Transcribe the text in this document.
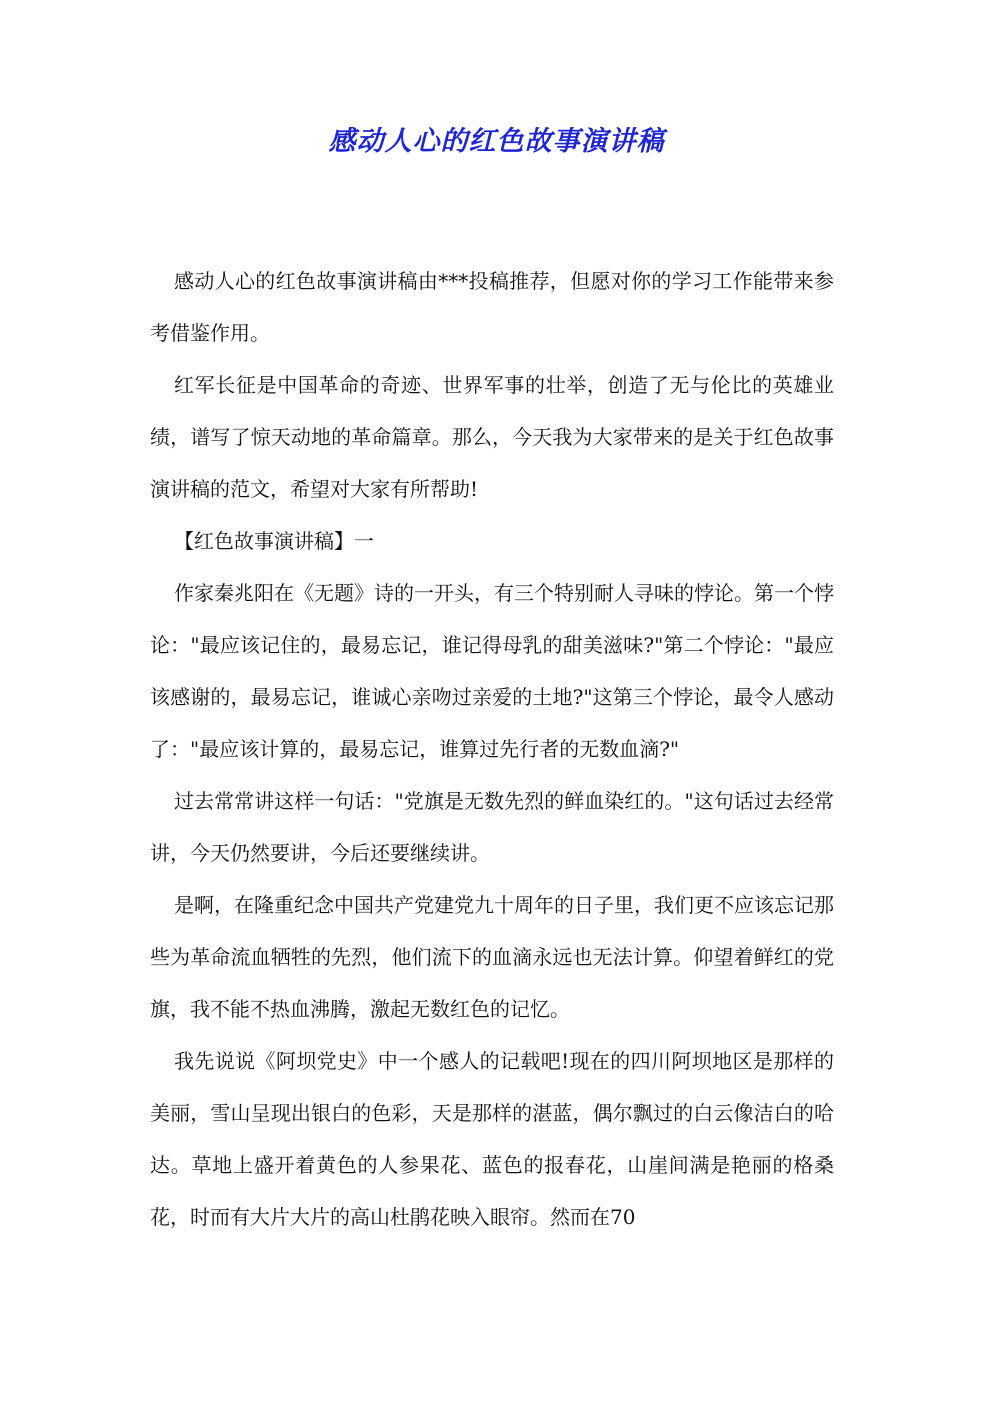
感动人心的红色故事演讲稿

感动人心的红色故事演讲稿由***投稿推荐，但愿对你的学习工作能带来参考借鉴作用。

红军长征是中国革命的奇迹、世界军事的壮举，创造了无与伦比的英雄业绩，谱写了惊天动地的革命篇章。那么，今天我为大家带来的是关于红色故事演讲稿的范文，希望对大家有所帮助!

【红色故事演讲稿】一

作家秦兆阳在《无题》诗的一开头，有三个特别耐人寻味的悖论。第一个悖论："最应该记住的，最易忘记，谁记得母乳的甜美滋味?"第二个悖论："最应该感谢的，最易忘记，谁诚心亲吻过亲爱的土地?"这第三个悖论，最令人感动了："最应该计算的，最易忘记，谁算过先行者的无数血滴?"

过去常常讲这样一句话："党旗是无数先烈的鲜血染红的。"这句话过去经常讲，今天仍然要讲，今后还要继续讲。

是啊，在隆重纪念中国共产党建党九十周年的日子里，我们更不应该忘记那些为革命流血牺牲的先烈，他们流下的血滴永远也无法计算。仰望着鲜红的党旗，我不能不热血沸腾，激起无数红色的记忆。

我先说说《阿坝党史》中一个感人的记载吧!现在的四川阿坝地区是那样的美丽，雪山呈现出银白的色彩，天是那样的湛蓝，偶尔飘过的白云像洁白的哈达。草地上盛开着黄色的人参果花、蓝色的报春花，山崖间满是艳丽的格桑花，时而有大片大片的高山杜鹃花映入眼帘。然而在70
